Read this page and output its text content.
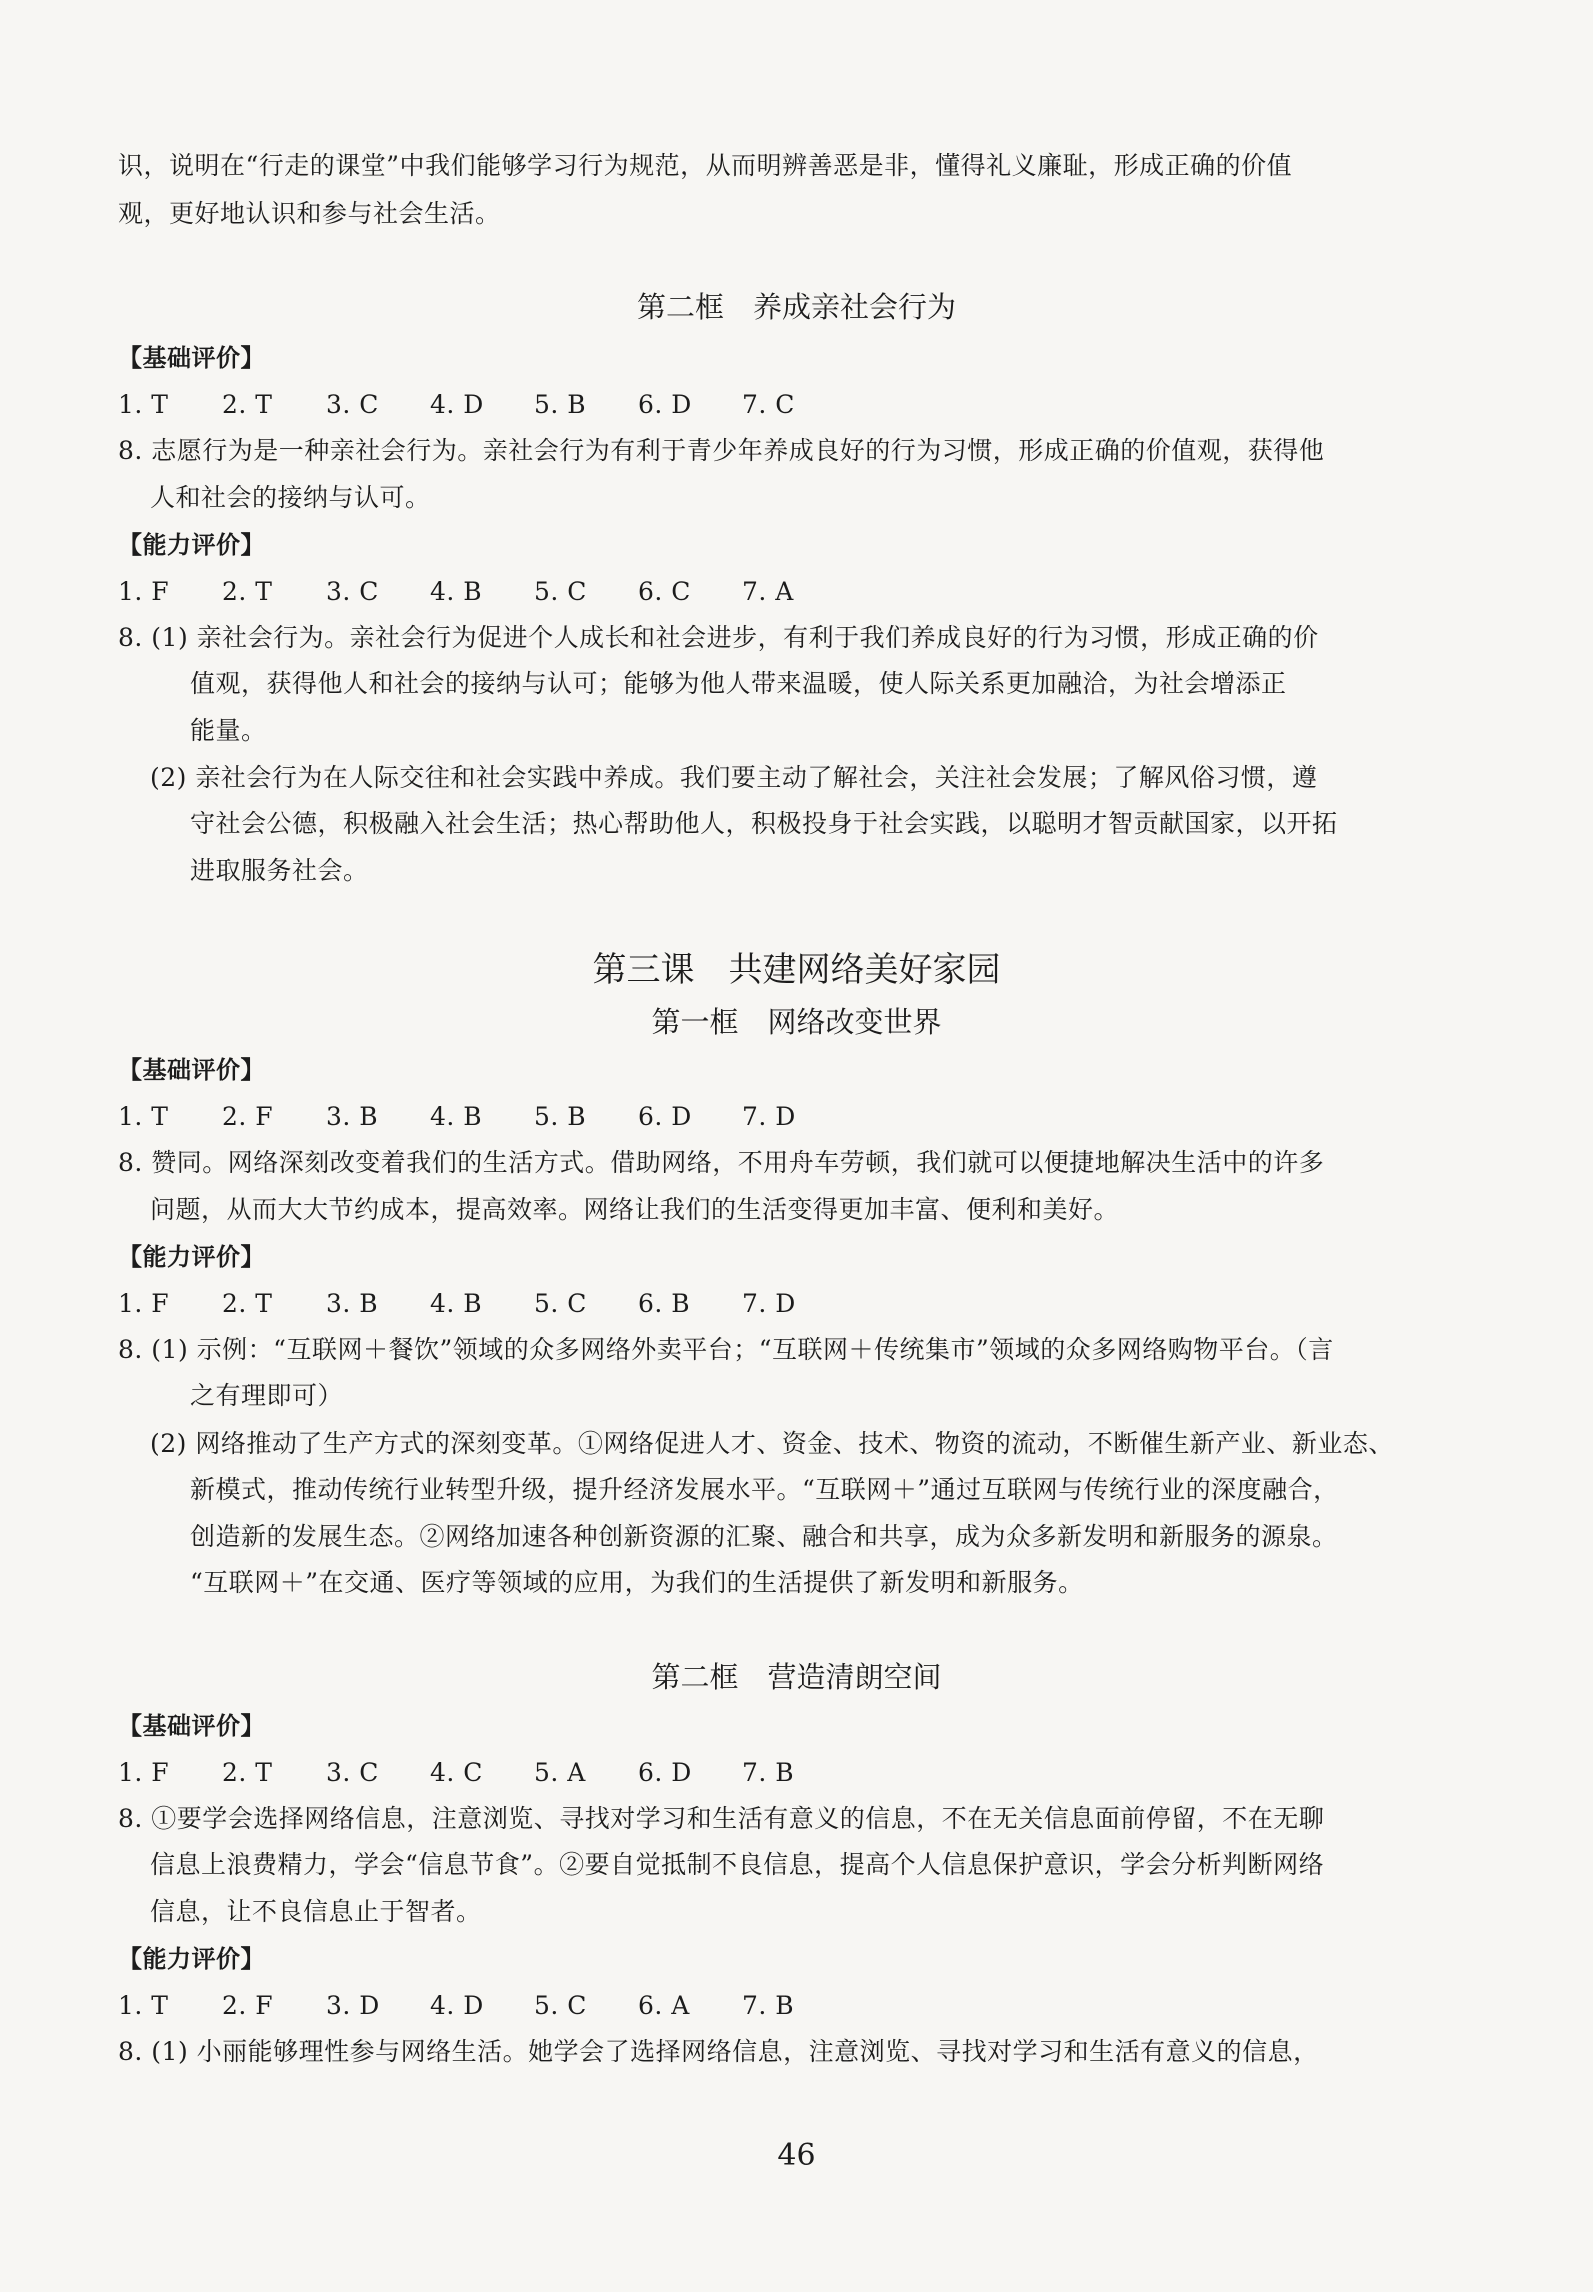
识，说明在“行走的课堂”中我们能够学习行为规范，从而明辨善恶是非，懂得礼义廉耻，形成正确的价值
观，更好地认识和参与社会生活。
第二框　养成亲社会行为
【基础评价】
1. T 2. T 3. C 4. D 5. B 6. D 7. C
8. 志愿行为是一种亲社会行为。亲社会行为有利于青少年养成良好的行为习惯，形成正确的价值观，获得他
人和社会的接纳与认可。
【能力评价】
1. F 2. T 3. C 4. B 5. C 6. C 7. A
8. (1) 亲社会行为。亲社会行为促进个人成长和社会进步，有利于我们养成良好的行为习惯，形成正确的价
值观，获得他人和社会的接纳与认可；能够为他人带来温暖，使人际关系更加融洽，为社会增添正
能量。
(2) 亲社会行为在人际交往和社会实践中养成。我们要主动了解社会，关注社会发展；了解风俗习惯，遵
守社会公德，积极融入社会生活；热心帮助他人，积极投身于社会实践，以聪明才智贡献国家，以开拓
进取服务社会。
第三课　共建网络美好家园
第一框　网络改变世界
【基础评价】
1. T 2. F 3. B 4. B 5. B 6. D 7. D
8. 赞同。网络深刻改变着我们的生活方式。借助网络，不用舟车劳顿，我们就可以便捷地解决生活中的许多
问题，从而大大节约成本，提高效率。网络让我们的生活变得更加丰富、便利和美好。
【能力评价】
1. F 2. T 3. B 4. B 5. C 6. B 7. D
8. (1) 示例：“互联网＋餐饮”领域的众多网络外卖平台；“互联网＋传统集市”领域的众多网络购物平台。（言
之有理即可）
(2) 网络推动了生产方式的深刻变革。①网络促进人才、资金、技术、物资的流动，不断催生新产业、新业态、
新模式，推动传统行业转型升级，提升经济发展水平。“互联网＋”通过互联网与传统行业的深度融合，
创造新的发展生态。②网络加速各种创新资源的汇聚、融合和共享，成为众多新发明和新服务的源泉。
“互联网＋”在交通、医疗等领域的应用，为我们的生活提供了新发明和新服务。
第二框　营造清朗空间
【基础评价】
1. F 2. T 3. C 4. C 5. A 6. D 7. B
8. ①要学会选择网络信息，注意浏览、寻找对学习和生活有意义的信息，不在无关信息面前停留，不在无聊
信息上浪费精力，学会“信息节食”。②要自觉抵制不良信息，提高个人信息保护意识，学会分析判断网络
信息，让不良信息止于智者。
【能力评价】
1. T 2. F 3. D 4. D 5. C 6. A 7. B
8. (1) 小丽能够理性参与网络生活。她学会了选择网络信息，注意浏览、寻找对学习和生活有意义的信息，
46
